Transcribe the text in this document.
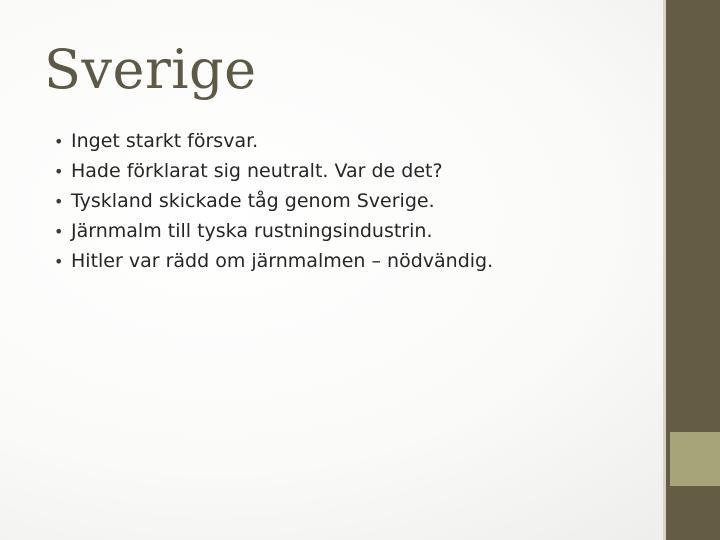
Sverige
• Inget starkt försvar.
• Hade förklarat sig neutralt. Var de det?
• Tyskland skickade tåg genom Sverige.
• Järnmalm till tyska rustningsindustrin.
• Hitler var rädd om järnmalmen – nödvändig.
